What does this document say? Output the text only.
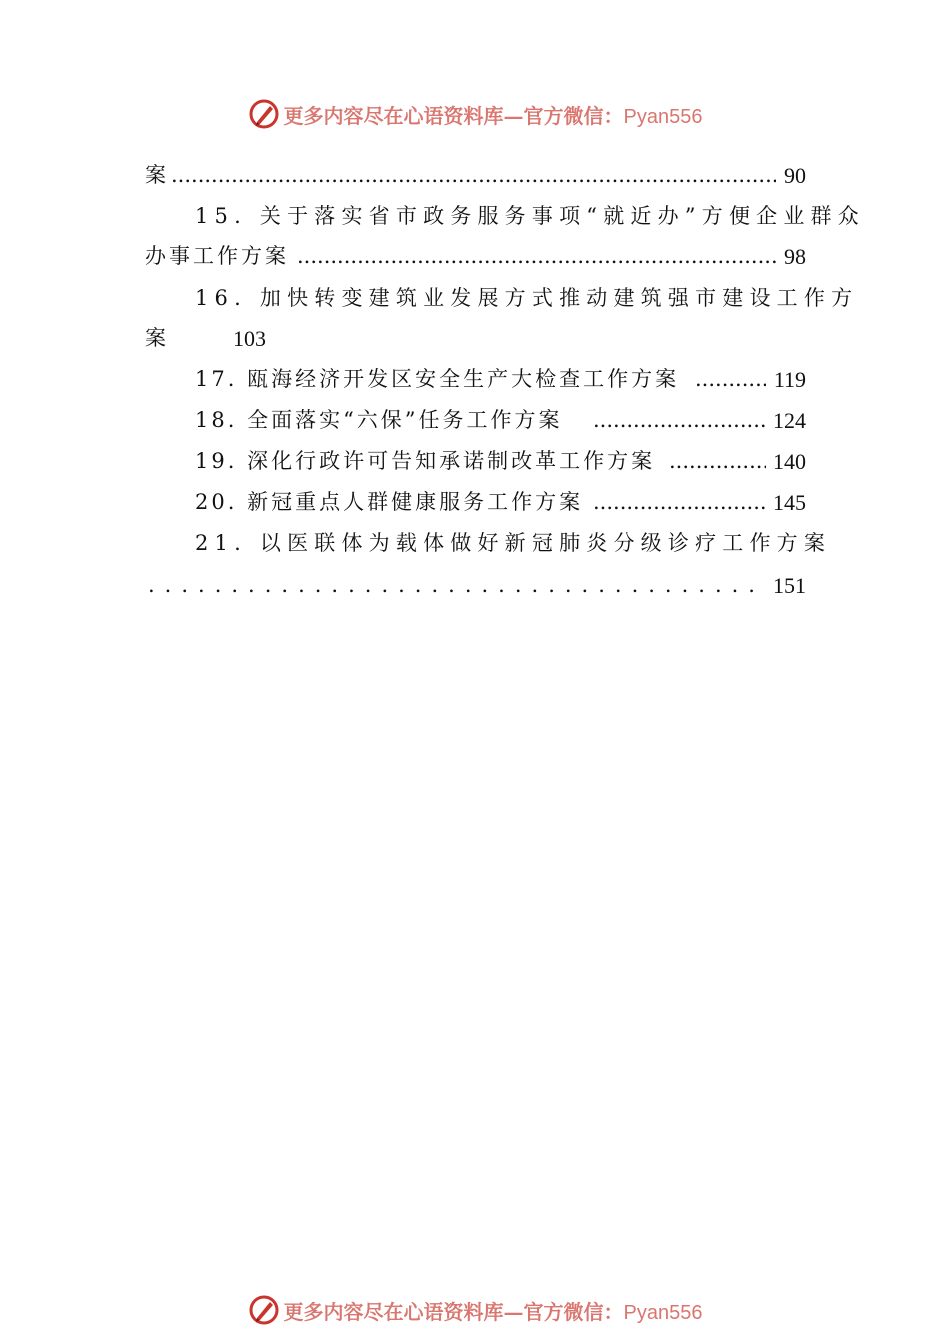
更多内容尽在心语资料库—官方微信：Pyan556
案 .....	90
15. 关于落实省市政务服务事项“就近办”方便企业群众
办事工作方案 .....	98
16. 加快转变建筑业发展方式推动建筑强市建设工作方
案	103
17. 瓯海经济开发区安全生产大检查工作方案 .....	119
18. 全面落实“六保”任务工作方案 .....	124
19. 深化行政许可告知承诺制改革工作方案 .....	140
20. 新冠重点人群健康服务工作方案 .....	145
21. 以医联体为载体做好新冠肺炎分级诊疗工作方案
.....
151
更多内容尽在心语资料库—官方微信：Pyan556
